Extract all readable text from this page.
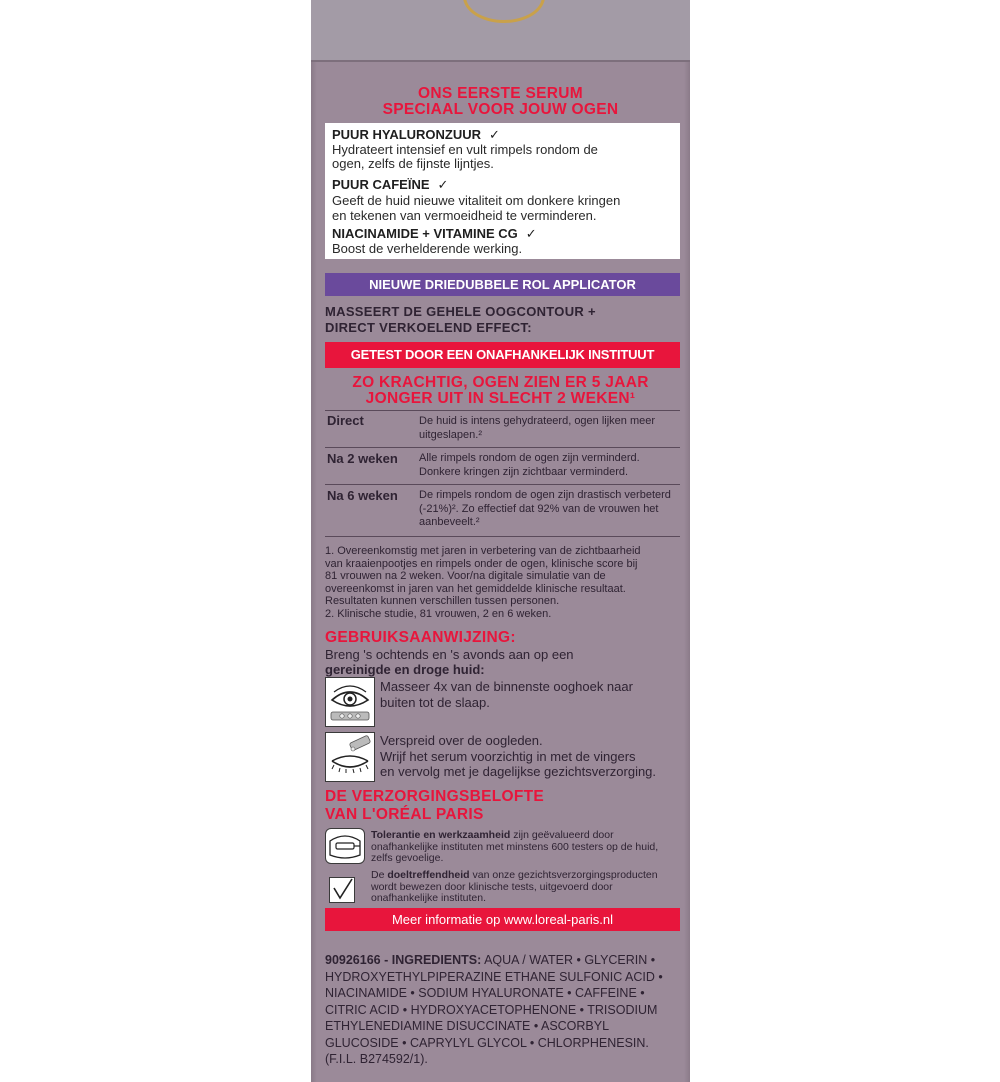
ONS EERSTE SERUM
SPECIAAL VOOR JOUW OGEN
PUUR HYALURONZUUR ✓
Hydrateert intensief en vult rimpels rondom de
ogen, zelfs de fijnste lijntjes.
PUUR CAFEÏNE ✓
Geeft de huid nieuwe vitaliteit om donkere kringen
en tekenen van vermoeidheid te verminderen.
NIACINAMIDE + VITAMINE CG ✓
Boost de verhelderende werking.
NIEUWE DRIEDUBBELE ROL APPLICATOR
MASSEERT DE GEHELE OOGCONTOUR +
DIRECT VERKOELEND EFFECT:
GETEST DOOR EEN ONAFHANKELIJK INSTITUUT
ZO KRACHTIG, OGEN ZIEN ER 5 JAAR
JONGER UIT IN SLECHT 2 WEKEN¹
Direct	De huid is intens gehydrateerd, ogen lijken meer uitgeslapen.²
Na 2 weken Alle rimpels rondom de ogen zijn verminderd. Donkere kringen zijn zichtbaar verminderd.
Na 6 weken De rimpels rondom de ogen zijn drastisch verbeterd (-21%)². Zo effectief dat 92% van de vrouwen het aanbeveelt.²
1. Overeenkomstig met jaren in verbetering van de zichtbaarheid
van kraaienpootjes en rimpels onder de ogen, klinische score bij
81 vrouwen na 2 weken. Voor/na digitale simulatie van de
overeenkomst in jaren van het gemiddelde klinische resultaat.
Resultaten kunnen verschillen tussen personen.
2. Klinische studie, 81 vrouwen, 2 en 6 weken.
GEBRUIKSAANWIJZING:
Breng 's ochtends en 's avonds aan op een
gereinigde en droge huid:
Masseer 4x van de binnenste ooghoek naar
buiten tot de slaap.
Verspreid over de oogleden.
Wrijf het serum voorzichtig in met de vingers
en vervolg met je dagelijkse gezichtsverzorging.
DE VERZORGINGSBELOFTE
VAN L'ORÉAL PARIS
Tolerantie en werkzaamheid zijn geëvalueerd door onafhankelijke instituten met minstens 600 testers op de huid, zelfs gevoelige.
De doeltreffendheid van onze gezichtsverzorgingsproducten wordt bewezen door klinische tests, uitgevoerd door onafhankelijke instituten.
Meer informatie op www.loreal-paris.nl
90926166 - INGREDIENTS: AQUA / WATER • GLYCERIN •
HYDROXYETHYLPIPERAZINE ETHANE SULFONIC ACID •
NIACINAMIDE • SODIUM HYALURONATE • CAFFEINE •
CITRIC ACID • HYDROXYACETOPHENONE • TRISODIUM
ETHYLENEDIAMINE DISUCCINATE • ASCORBYL
GLUCOSIDE • CAPRYLYL GLYCOL • CHLORPHENESIN.
(F.I.L. B274592/1).
